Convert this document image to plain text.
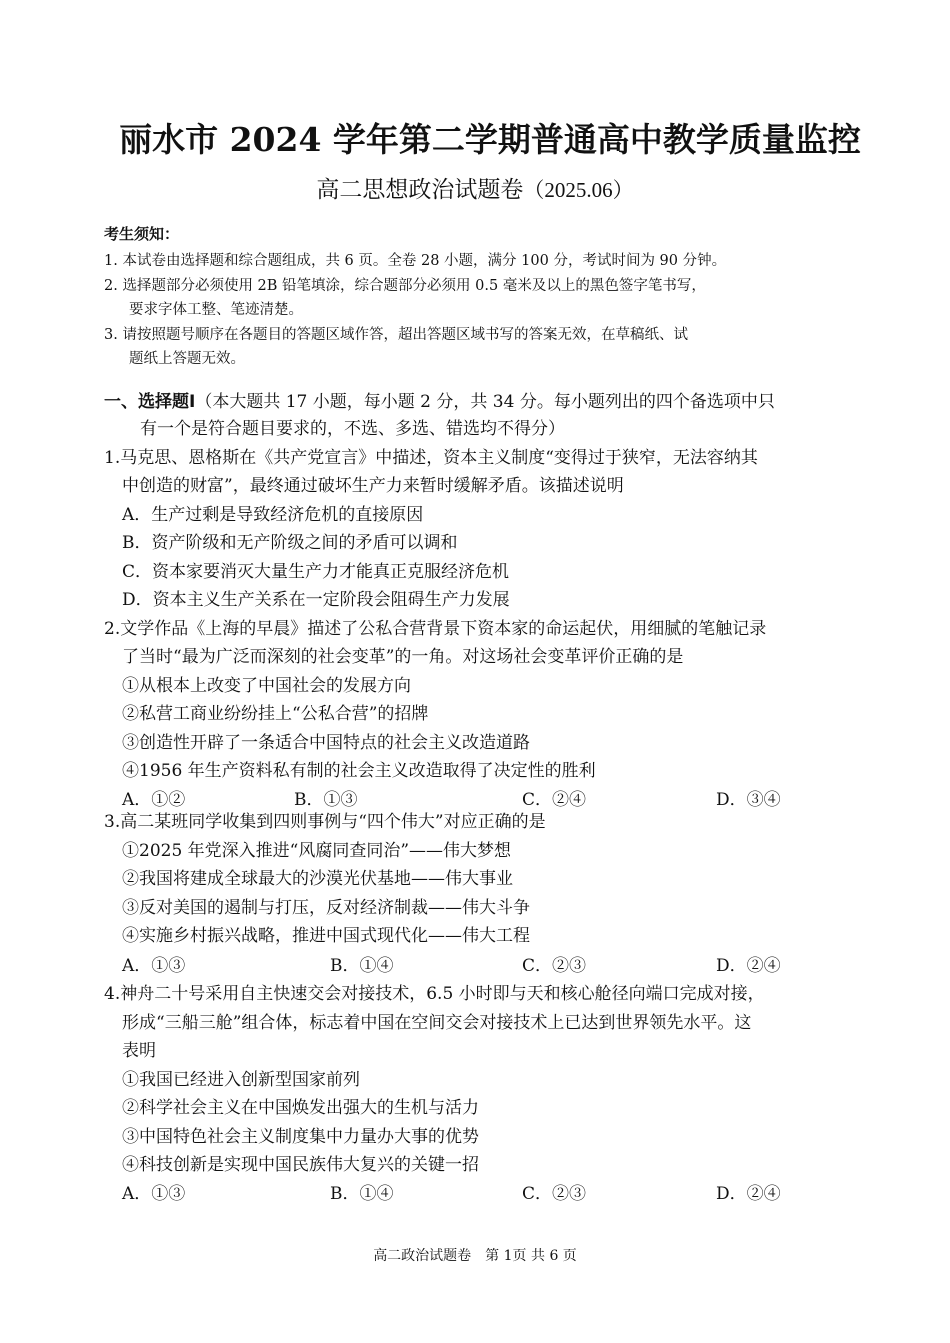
丽水市 2024 学年第二学期普通高中教学质量监控
高二思想政治试题卷（2025.06）
考生须知：
1. 本试卷由选择题和综合题组成，共 6 页。全卷 28 小题，满分 100 分，考试时间为 90 分钟。
2. 选择题部分必须使用 2B 铅笔填涂，综合题部分必须用 0.5 毫米及以上的黑色签字笔书写，
要求字体工整、笔迹清楚。
3. 请按照题号顺序在各题目的答题区域作答，超出答题区域书写的答案无效，在草稿纸、试
题纸上答题无效。
一、选择题Ⅰ（本大题共 17 小题，每小题 2 分，共 34 分。每小题列出的四个备选项中只
有一个是符合题目要求的，不选、多选、错选均不得分）
1.马克思、恩格斯在《共产党宣言》中描述，资本主义制度“变得过于狭窄，无法容纳其
中创造的财富”，最终通过破坏生产力来暂时缓解矛盾。该描述说明
A．生产过剩是导致经济危机的直接原因
B．资产阶级和无产阶级之间的矛盾可以调和
C．资本家要消灭大量生产力才能真正克服经济危机
D．资本主义生产关系在一定阶段会阻碍生产力发展
2.文学作品《上海的早晨》描述了公私合营背景下资本家的命运起伏，用细腻的笔触记录
了当时“最为广泛而深刻的社会变革”的一角。对这场社会变革评价正确的是
①从根本上改变了中国社会的发展方向
②私营工商业纷纷挂上“公私合营”的招牌
③创造性开辟了一条适合中国特点的社会主义改造道路
④1956 年生产资料私有制的社会主义改造取得了决定性的胜利
A．①②	B．①③	C．②④	D．③④
3.高二某班同学收集到四则事例与“四个伟大”对应正确的是
①2025 年党深入推进“风腐同查同治”——伟大梦想
②我国将建成全球最大的沙漠光伏基地——伟大事业
③反对美国的遏制与打压，反对经济制裁——伟大斗争
④实施乡村振兴战略，推进中国式现代化——伟大工程
A．①③	B．①④	C．②③	D．②④
4.神舟二十号采用自主快速交会对接技术，6.5 小时即与天和核心舱径向端口完成对接，
形成“三船三舱”组合体，标志着中国在空间交会对接技术上已达到世界领先水平。这
表明
①我国已经进入创新型国家前列
②科学社会主义在中国焕发出强大的生机与活力
③中国特色社会主义制度集中力量办大事的优势
④科技创新是实现中国民族伟大复兴的关键一招
A．①③	B．①④	C．②③	D．②④
高二政治试题卷　第 1页 共 6 页
